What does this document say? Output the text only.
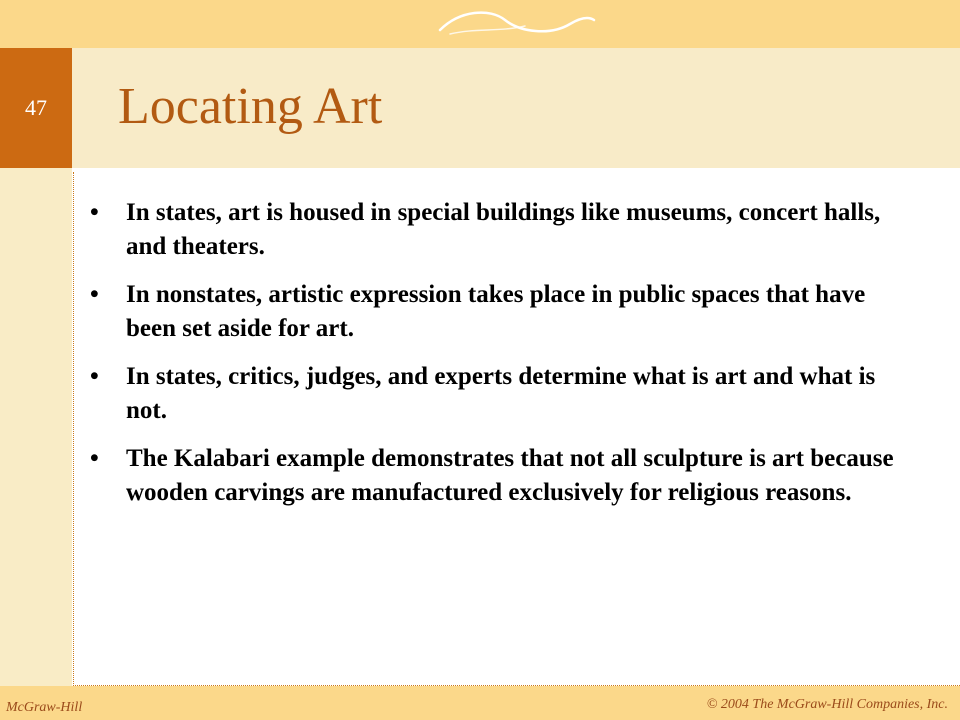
47	Locating Art
• In states, art is housed in special buildings like museums, concert halls, and theaters.
• In nonstates, artistic expression takes place in public spaces that have been set aside for art.
• In states, critics, judges, and experts determine what is art and what is not.
• The Kalabari example demonstrates that not all sculpture is art because wooden carvings are manufactured exclusively for religious reasons.
McGraw-Hill	© 2004 The McGraw-Hill Companies, Inc.
